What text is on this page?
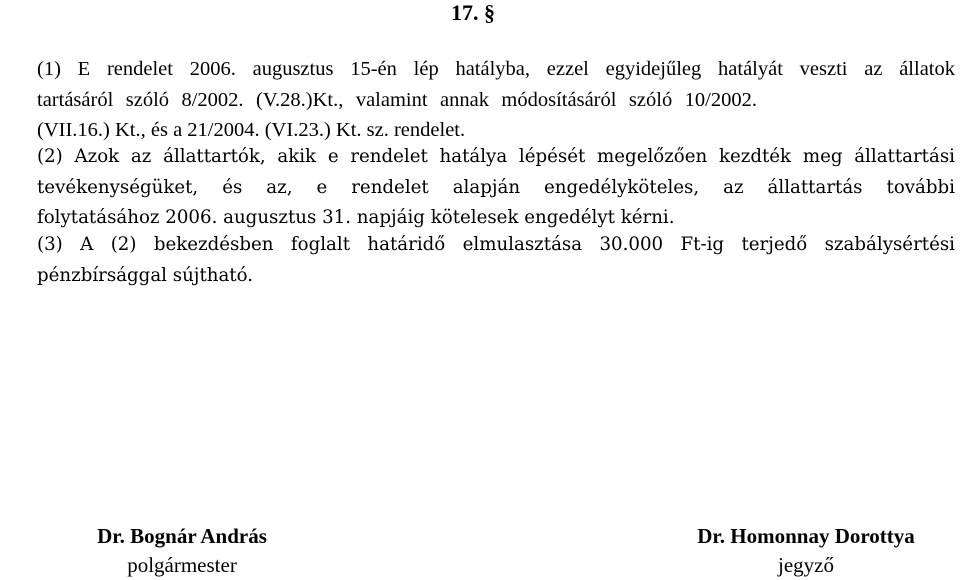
17. §
(1) E rendelet 2006. augusztus 15-én lép hatályba, ezzel egyidejűleg hatályát veszti az állatok
tartásáról szóló 8/2002. (V.28.)Kt., valamint annak módosításáról szóló 10/2002.
(VII.16.) Kt., és a 21/2004. (VI.23.) Kt. sz. rendelet.
(2) Azok az állattartók, akik e rendelet hatálya lépését megelőzően kezdték meg állattartási
tevékenységüket, és az, e rendelet alapján engedélyköteles, az állattartás további
folytatásához 2006. augusztus 31. napjáig kötelesek engedélyt kérni.
(3) A (2) bekezdésben foglalt határidő elmulasztása 30.000 Ft-ig terjedő szabálysértési
pénzbírsággal sújtható.
Dr. Bognár András
polgármester
Dr. Homonnay Dorottya
jegyző
